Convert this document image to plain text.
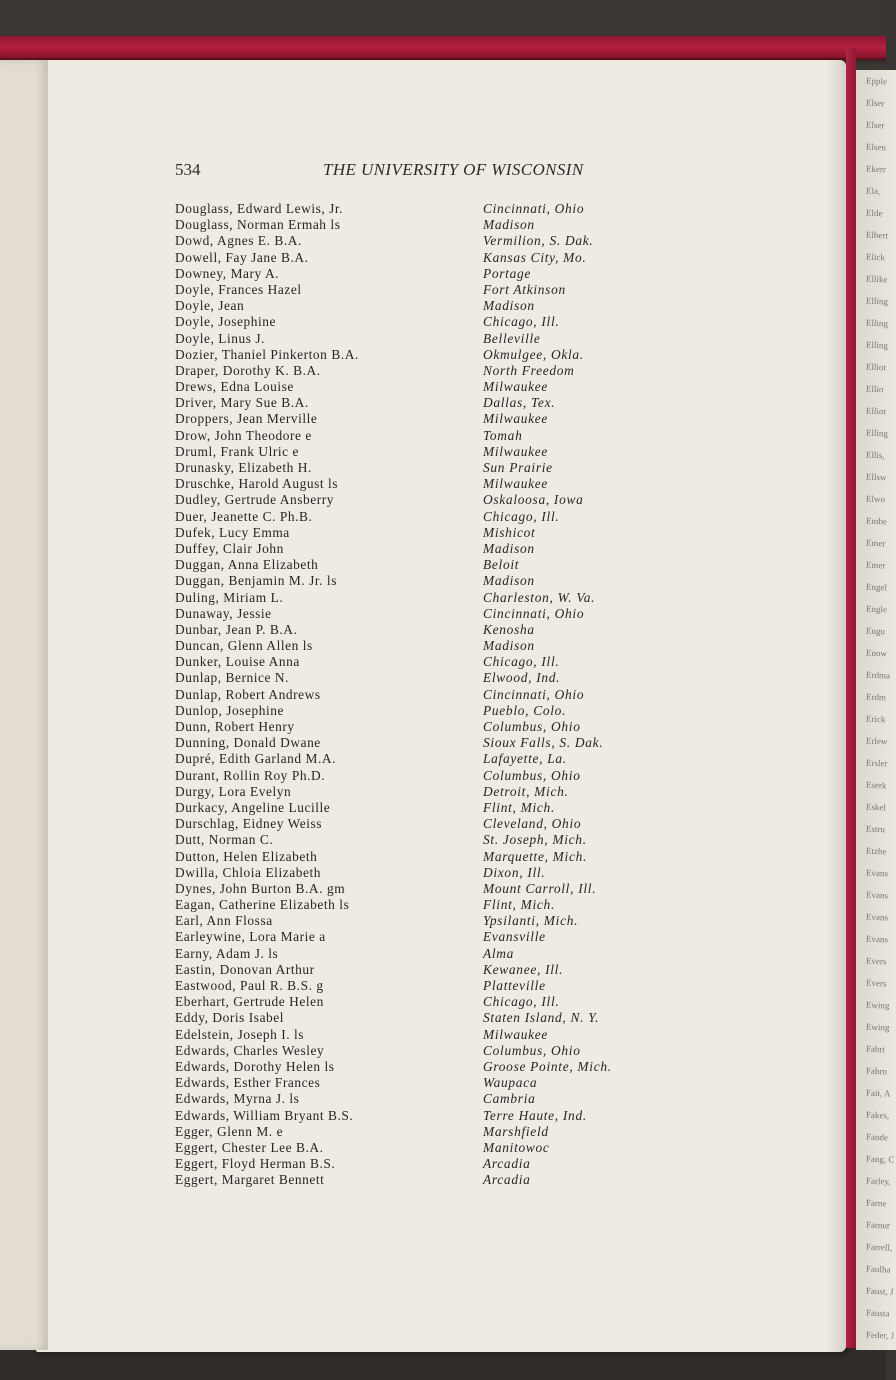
Epple
Elser
Elser
Elsen
Ekerr
Ela,
Elde
Elbert
Elick
Ellike
Elling
Elling
Elling
Elliot
Ellio
Elliot
Elling
Ellis,
Ellsw
Elwo
Embe
Emer
Emer
Engel
Engle
Engu
Enow
Erdma
Erdm
Erick
Erlew
Ersler
Eserk
Eskel
Estru
Etzbe
Evans
Evans
Evans
Evans
Evers
Evers
Ewing
Ewing
Fabri
Fahrn
Fait, A
Fakes,
Fande
Fang, C
Farley,
Farne
Farnur
Farrell,
Faulha
Faust, J
Fausta
Feder, J
534	THE UNIVERSITY OF WISCONSIN
Douglass, Edward Lewis, Jr.	Cincinnati, Ohio
Douglass, Norman Ermah ls	Madison
Dowd, Agnes E. B.A.	Vermilion, S. Dak.
Dowell, Fay Jane B.A.	Kansas City, Mo.
Downey, Mary A.	Portage
Doyle, Frances Hazel	Fort Atkinson
Doyle, Jean	Madison
Doyle, Josephine	Chicago, Ill.
Doyle, Linus J.	Belleville
Dozier, Thaniel Pinkerton B.A.	Okmulgee, Okla.
Draper, Dorothy K. B.A.	North Freedom
Drews, Edna Louise	Milwaukee
Driver, Mary Sue B.A.	Dallas, Tex.
Droppers, Jean Merville	Milwaukee
Drow, John Theodore e	Tomah
Druml, Frank Ulric e	Milwaukee
Drunasky, Elizabeth H.	Sun Prairie
Druschke, Harold August ls	Milwaukee
Dudley, Gertrude Ansberry	Oskaloosa, Iowa
Duer, Jeanette C. Ph.B.	Chicago, Ill.
Dufek, Lucy Emma	Mishicot
Duffey, Clair John	Madison
Duggan, Anna Elizabeth	Beloit
Duggan, Benjamin M. Jr. ls	Madison
Duling, Miriam L.	Charleston, W. Va.
Dunaway, Jessie	Cincinnati, Ohio
Dunbar, Jean P. B.A.	Kenosha
Duncan, Glenn Allen ls	Madison
Dunker, Louise Anna	Chicago, Ill.
Dunlap, Bernice N.	Elwood, Ind.
Dunlap, Robert Andrews	Cincinnati, Ohio
Dunlop, Josephine	Pueblo, Colo.
Dunn, Robert Henry	Columbus, Ohio
Dunning, Donald Dwane	Sioux Falls, S. Dak.
Dupré, Edith Garland M.A.	Lafayette, La.
Durant, Rollin Roy Ph.D.	Columbus, Ohio
Durgy, Lora Evelyn	Detroit, Mich.
Durkacy, Angeline Lucille	Flint, Mich.
Durschlag, Eidney Weiss	Cleveland, Ohio
Dutt, Norman C.	St. Joseph, Mich.
Dutton, Helen Elizabeth	Marquette, Mich.
Dwilla, Chloia Elizabeth	Dixon, Ill.
Dynes, John Burton B.A. gm	Mount Carroll, Ill.
Eagan, Catherine Elizabeth ls	Flint, Mich.
Earl, Ann Flossa	Ypsilanti, Mich.
Earleywine, Lora Marie a	Evansville
Earny, Adam J. ls	Alma
Eastin, Donovan Arthur	Kewanee, Ill.
Eastwood, Paul R. B.S. g	Platteville
Eberhart, Gertrude Helen	Chicago, Ill.
Eddy, Doris Isabel	Staten Island, N. Y.
Edelstein, Joseph I. ls	Milwaukee
Edwards, Charles Wesley	Columbus, Ohio
Edwards, Dorothy Helen ls	Groose Pointe, Mich.
Edwards, Esther Frances	Waupaca
Edwards, Myrna J. ls	Cambria
Edwards, William Bryant B.S.	Terre Haute, Ind.
Egger, Glenn M. e	Marshfield
Eggert, Chester Lee B.A.	Manitowoc
Eggert, Floyd Herman B.S.	Arcadia
Eggert, Margaret Bennett	Arcadia
